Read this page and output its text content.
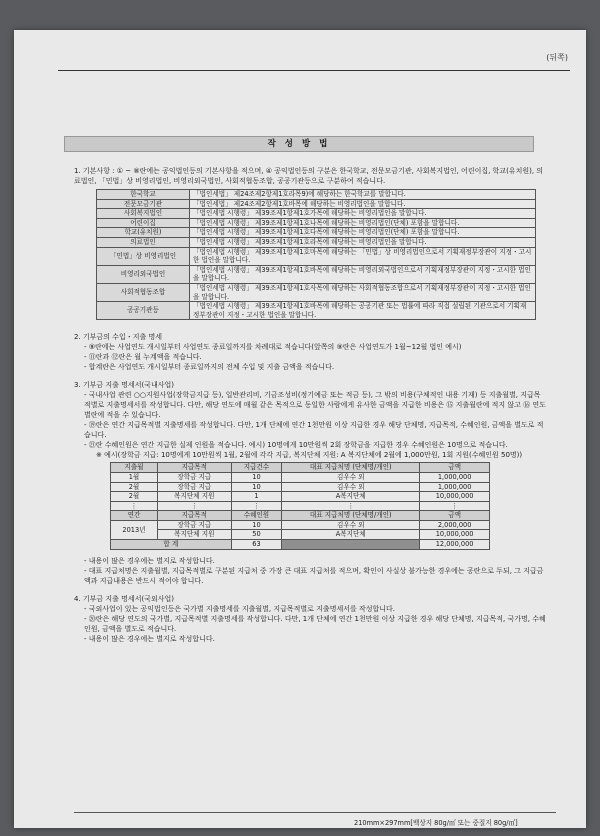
(뒤쪽)
작 성 방 법
1. 기본사항 : ① ~ ⑧란에는 공익법인등의 기본사항을 적으며, ④ 공익법인등의 구분은 한국학교, 전문모금기관, 사회복지법인, 어린이집, 학교(유치원), 의료법인, 「민법」상 비영리법인, 비영리외국법인, 사회적협동조합, 공공기관등으로 구분하여 적습니다.
한국학교	「법인세법」 제24조제2항제1호라목9)에 해당하는 한국학교를 말합니다.
전문모금기관	「법인세법」 제24조제2항제1호바목에 해당하는 비영리법인을 말합니다.
사회복지법인	「법인세법 시행령」 제39조제1항제1호가목에 해당하는 비영리법인을 말합니다.
어린이집	「법인세법 시행령」 제39조제1항제1호나목에 해당하는 비영리법인(단체) 포함을 말합니다.
학교(유치원)	「법인세법 시행령」 제39조제1항제1호다목에 해당하는 비영리법인(단체) 포함을 말합니다.
의료법인	「법인세법 시행령」 제39조제1항제1호라목에 해당하는 비영리법인을 말합니다.
「민법」상 비영리법인	「법인세법 시행령」 제39조제1항제1호마목에 해당하는 「민법」상 비영리법인으로서 기획재정부장관이 지정・고시한 법인을 말합니다.
비영리외국법인	「법인세법 시행령」 제39조제1항제1호바목에 해당하는 비영리외국법인으로서 기획재정부장관이 지정・고시한 법인을 말합니다.
사회적협동조합	「법인세법 시행령」 제39조제1항제1호사목에 해당하는 사회적협동조합으로서 기획재정부장관이 지정・고시한 법인을 말합니다.
공공기관등	「법인세법 시행령」 제39조제1항제1호바목에 해당하는 공공기관 또는 법률에 따라 직접 설립된 기관으로서 기획재정부장관이 지정・고시한 법인을 말합니다.
2. 기부금의 수입・지출 명세
- ⑨란에는 사업연도 개시일부터 사업연도 종료일까지를 차례대로 적습니다(앞쪽의 ⑨란은 사업연도가 1월~12월 법인 예시)
- ⑪란과 ⑫란은 월 누계액을 적습니다.
- 합계란은 사업연도 개시일부터 종료일까지의 전체 수입 및 지출 금액을 적습니다.
3. 기부금 지출 명세서(국내사업)
- 국내사업 관련 ○○지원사업(장학금지급 등), 일반관리비, 기금조성비(정기예금 또는 적금 등), 그 밖의 비용(구체적인 내용 기재) 등 지출월별, 지급목적별로 지출명세서를 작성합니다. 다만, 해당 연도에 매월 같은 목적으로 동일한 사람에게 유사한 금액을 지급한 비용은 ⑮ 지출월란에 적지 않고 ⑯ 연도별란에 적을 수 있습니다.
- ⑲란은 연간 지급목적별 지출명세를 작성합니다. 다만, 1개 단체에 연간 1천만원 이상 지급한 경우 해당 단체명, 지급목적, 수혜인원, 금액을 별도로 적습니다.
- ㉑란 수혜인원은 연간 지급한 실제 인원을 적습니다. 예시) 10명에게 10만원씩 2회 장학금을 지급한 경우 수혜인원은 10명으로 적습니다.
※ 예시(장학금 지급: 10명에게 10만원씩 1월, 2월에 각각 지급, 복지단체 지원: A 복지단체에 2월에 1,000만원, 1회 지원(수혜인원 50명))
지출월	지급목적	지급건수	대표 지급처명 (단체명/개인)	금액
1월	장학금 지급	10	김우수 외	1,000,000
2월	장학금 지급	10	김우수 외	1,000,000
2월	복지단체 지원	1	A복지단체	10,000,000
⋮	⋮	⋮	⋮	⋮
연간	지급목적	수혜인원	대표 지급처명 (단체명/개인)	금액
2013년	장학금 지급	10	김우수 외	2,000,000
	복지단체 지원	50	A복지단체	10,000,000
합 계		63		12,000,000
- 내용이 많은 경우에는 별지로 작성합니다.
- 대표 지급처명은 지출월별, 지급목적별로 구분된 지급처 중 가장 큰 대표 지급처를 적으며, 확인이 사실상 불가능한 경우에는 공란으로 두되, 그 지급금액과 지급내용은 반드시 적어야 합니다.
4. 기부금 지출 명세서(국외사업)
- 국외사업이 있는 공익법인등은 국가별 지출명세를 지출월별, 지급목적별로 지출명세서를 작성합니다.
- ⑳란은 해당 연도의 국가별, 지급목적별 지출명세를 작성합니다. 다만, 1개 단체에 연간 1천만원 이상 지급한 경우 해당 단체명, 지급목적, 국가명, 수혜인원, 금액을 별도로 적습니다.
- 내용이 많은 경우에는 별지로 작성합니다.
210mm×297mm[백상지 80g/㎡ 또는 중질지 80g/㎡]
